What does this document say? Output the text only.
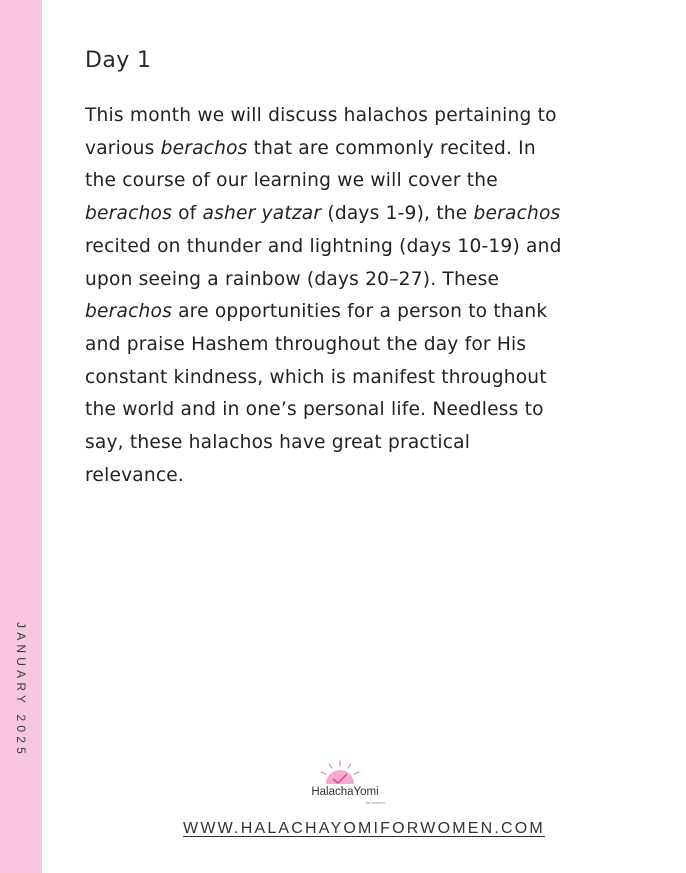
JANUARY 2025
Day 1

This month we will discuss halachos pertaining to
various berachos that are commonly recited. In
the course of our learning we will cover the
berachos of asher yatzar (days 1-9), the berachos
recited on thunder and lightning (days 10-19) and
upon seeing a rainbow (days 20–27). These
berachos are opportunities for a person to thank
and praise Hashem throughout the day for His
constant kindness, which is manifest throughout
the world and in one’s personal life. Needless to
say, these halachos have great practical
relevance.

HalachaYomi
for women
WWW.HALACHAYOMIFORWOMEN.COM
